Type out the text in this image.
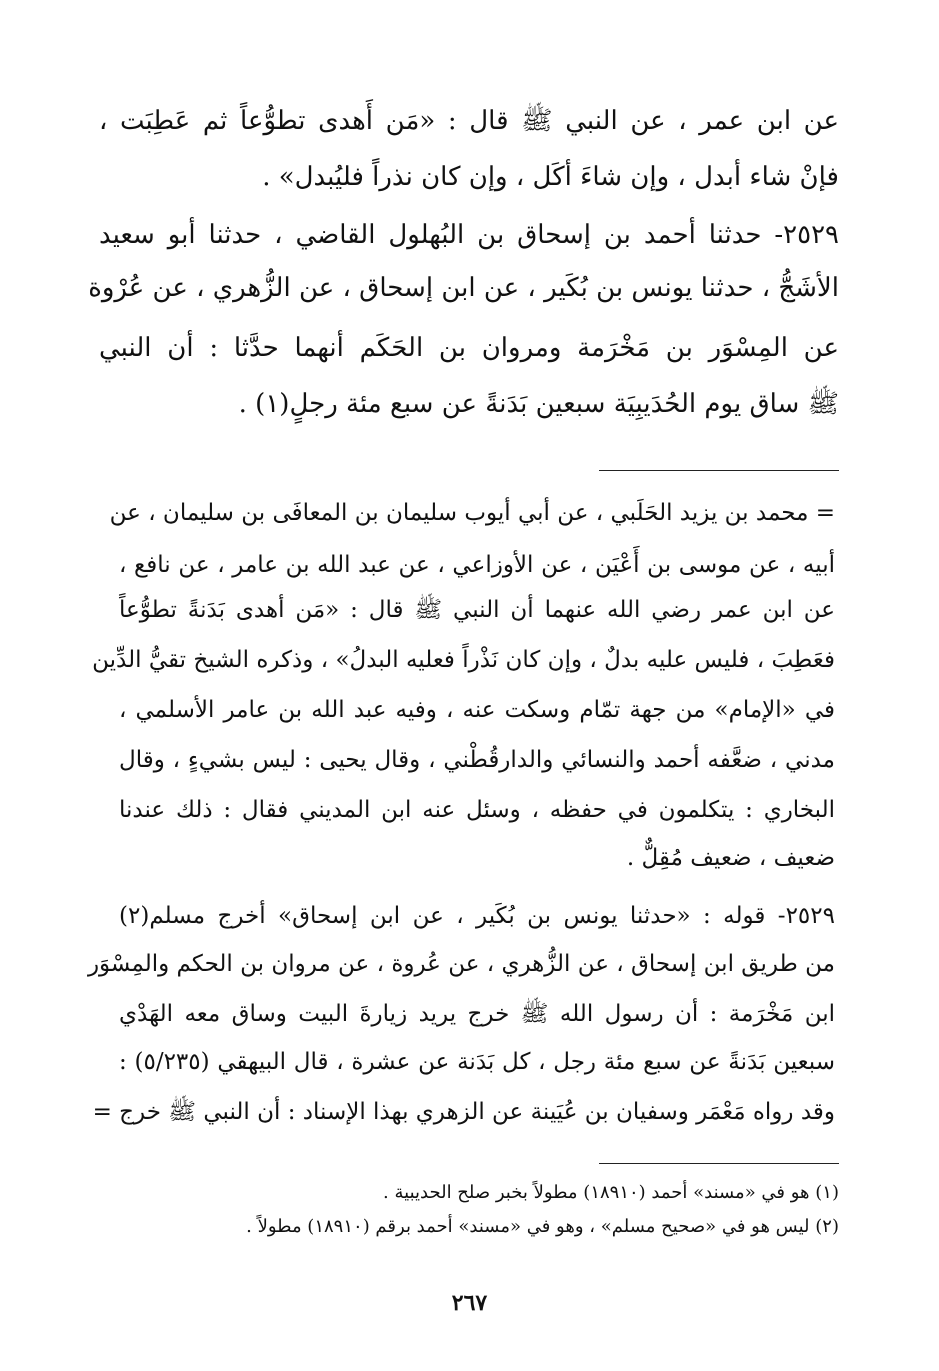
عن ابن عمر ، عن النبي ﷺ قال : «مَن أَهدى تطوُّعاً ثم عَطِبَت ،
فإنْ شاء أبدل ، وإن شاءَ أكَل ، وإن كان نذراً فليُبدل» .
٢٥٢٩- حدثنا أحمد بن إسحاق بن البُهلول القاضي ، حدثنا أبو سعيد
الأشَجُّ ، حدثنا يونس بن بُكَير ، عن ابن إسحاق ، عن الزُّهري ، عن عُرْوة
عن المِسْوَر بن مَخْرَمة ومروان بن الحَكَم أنهما حدَّثا : أن النبي
ﷺ ساق يوم الحُدَيبِيَة سبعين بَدَنةً عن سبع مئة رجلٍ(١) .
= محمد بن يزيد الحَلَبي ، عن أبي أيوب سليمان بن المعافَى بن سليمان ، عن
أبيه ، عن موسى بن أَعْيَن ، عن الأوزاعي ، عن عبد الله بن عامر ، عن نافع ،
عن ابن عمر رضي الله عنهما أن النبي ﷺ قال : «مَن أهدى بَدَنةً تطوُّعاً
فعَطِبَ ، فليس عليه بدلٌ ، وإن كان نَذْراً فعليه البدلُ» ، وذكره الشيخ تقيُّ الدِّين
في «الإمام» من جهة تمّام وسكت عنه ، وفيه عبد الله بن عامر الأسلمي ،
مدني ، ضعَّفه أحمد والنسائي والدارقُطْني ، وقال يحيى : ليس بشيءٍ ، وقال
البخاري : يتكلمون في حفظه ، وسئل عنه ابن المديني فقال : ذلك عندنا
ضعيف ، ضعيف مُقِلٌّ .
٢٥٢٩- قوله : «حدثنا يونس بن بُكَير ، عن ابن إسحاق» أخرج مسلم(٢)
من طريق ابن إسحاق ، عن الزُّهري ، عن عُروة ، عن مروان بن الحكم والمِسْوَر
ابن مَخْرَمة : أن رسول الله ﷺ خرج يريد زيارةَ البيت وساق معه الهَدْي
سبعين بَدَنةً عن سبع مئة رجل ، كل بَدَنة عن عشرة ، قال البيهقي (٥/٢٣٥) :
وقد رواه مَعْمَر وسفيان بن عُيَينة عن الزهري بهذا الإسناد : أن النبي ﷺ خرج =
(١) هو في «مسند» أحمد (١٨٩١٠) مطولاً بخبر صلح الحديبية .
(٢) ليس هو في «صحيح مسلم» ، وهو في «مسند» أحمد برقم (١٨٩١٠) مطولاً .
٢٦٧
